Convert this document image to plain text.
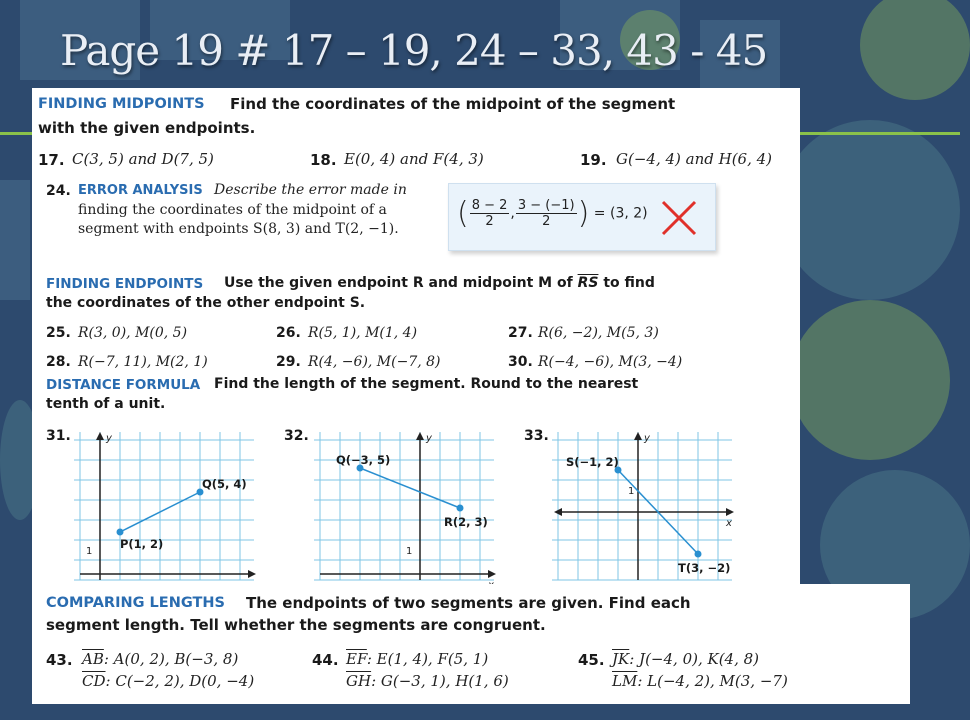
Page 19 # 17 – 19, 24 – 33, 43 - 45
FINDING MIDPOINTS Find the coordinates of the midpoint of the segment
with the given endpoints.
17. C(3, 5) and D(7, 5)	18. E(0, 4) and F(4, 3)	19. G(−4, 4) and H(6, 4)
24. ERROR ANALYSIS Describe the error made in
finding the coordinates of the midpoint of a
segment with endpoints S(8, 3) and T(2, −1).
FINDING ENDPOINTS Use the given endpoint R and midpoint M of $\overline{RS}$ to find
the coordinates of the other endpoint S.
25. R(3, 0), M(0, 5)	26. R(5, 1), M(1, 4)	27. R(6, −2), M(5, 3)
28. R(−7, 11), M(2, 1)	29. R(4, −6), M(−7, 8)	30. R(−4, −6), M(3, −4)
( $\frac{8 - 2}{2}$ , $\frac{3 - (-1)}{2}$ ) = (3, 2)
DISTANCE FORMULA Find the length of the segment. Round to the nearest
tenth of a unit.
31.	y
1
P(1, 2)
Q(5, 4)
32.	y
1
Q(−3, 5)
R(2, 3)
33.	y
x
1
S(−1, 2)
T(3, −2)
COMPARING LENGTHS The endpoints of two segments are given. Find each
segment length. Tell whether the segments are congruent.
43. $\overline{AB}$: A(0, 2), B(−3, 8)
$\overline{CD}$: C(−2, 2), D(0, −4)
44. $\overline{EF}$: E(1, 4), F(5, 1)
$\overline{GH}$: G(−3, 1), H(1, 6)
45. $\overline{JK}$: J(−4, 0), K(4, 8)
$\overline{LM}$: L(−4, 2), M(3, −7)
